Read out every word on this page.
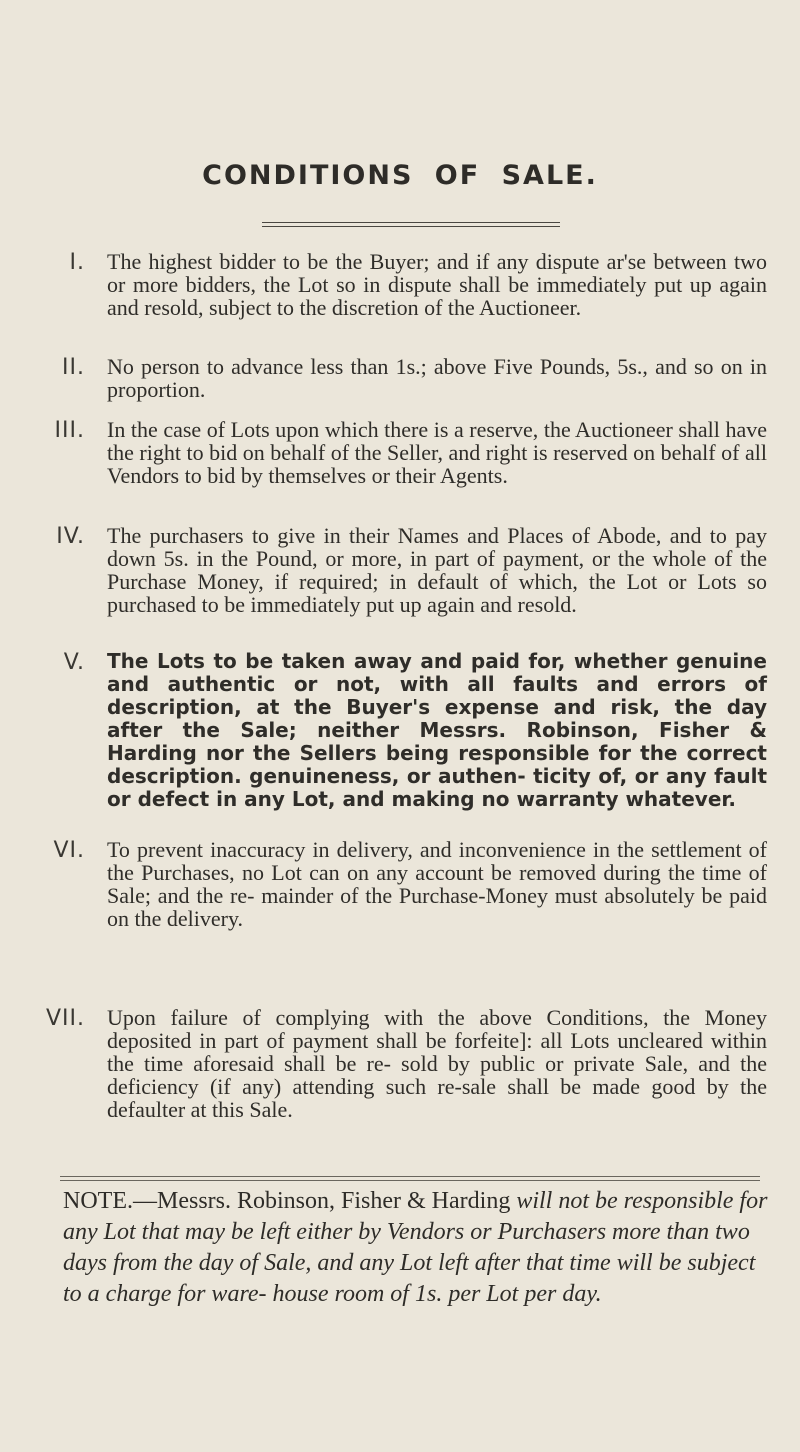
CONDITIONS OF SALE.
I. The highest bidder to be the Buyer; and if any dispute ar'se between two or more bidders, the Lot so in dispute shall be immediately put up again and resold, subject to the discretion of the Auctioneer.
II. No person to advance less than 1s.; above Five Pounds, 5s., and so on in proportion.
III. In the case of Lots upon which there is a reserve, the Auctioneer shall have the right to bid on behalf of the Seller, and right is reserved on behalf of all Vendors to bid by themselves or their Agents.
IV. The purchasers to give in their Names and Places of Abode, and to pay down 5s. in the Pound, or more, in part of payment, or the whole of the Purchase Money, if required; in default of which, the Lot or Lots so purchased to be immediately put up again and resold.
V. The Lots to be taken away and paid for, whether genuine and authentic or not, with all faults and errors of description, at the Buyer's expense and risk, the day after the Sale; neither Messrs. Robinson, Fisher & Harding nor the Sellers being responsible for the correct description. genuineness, or authen- ticity of, or any fault or defect in any Lot, and making no warranty whatever.
VI. To prevent inaccuracy in delivery, and inconvenience in the settlement of the Purchases, no Lot can on any account be removed during the time of Sale; and the re- mainder of the Purchase-Money must absolutely be paid on the delivery.
VII. Upon failure of complying with the above Conditions, the Money deposited in part of payment shall be forfeite]: all Lots uncleared within the time aforesaid shall be re- sold by public or private Sale, and the deficiency (if any) attending such re-sale shall be made good by the defaulter at this Sale.
NOTE.—Messrs. Robinson, Fisher & Harding will not be responsible for any Lot that may be left either by Vendors or Purchasers more than two days from the day of Sale, and any Lot left after that time will be subject to a charge for ware- house room of 1s. per Lot per day.
